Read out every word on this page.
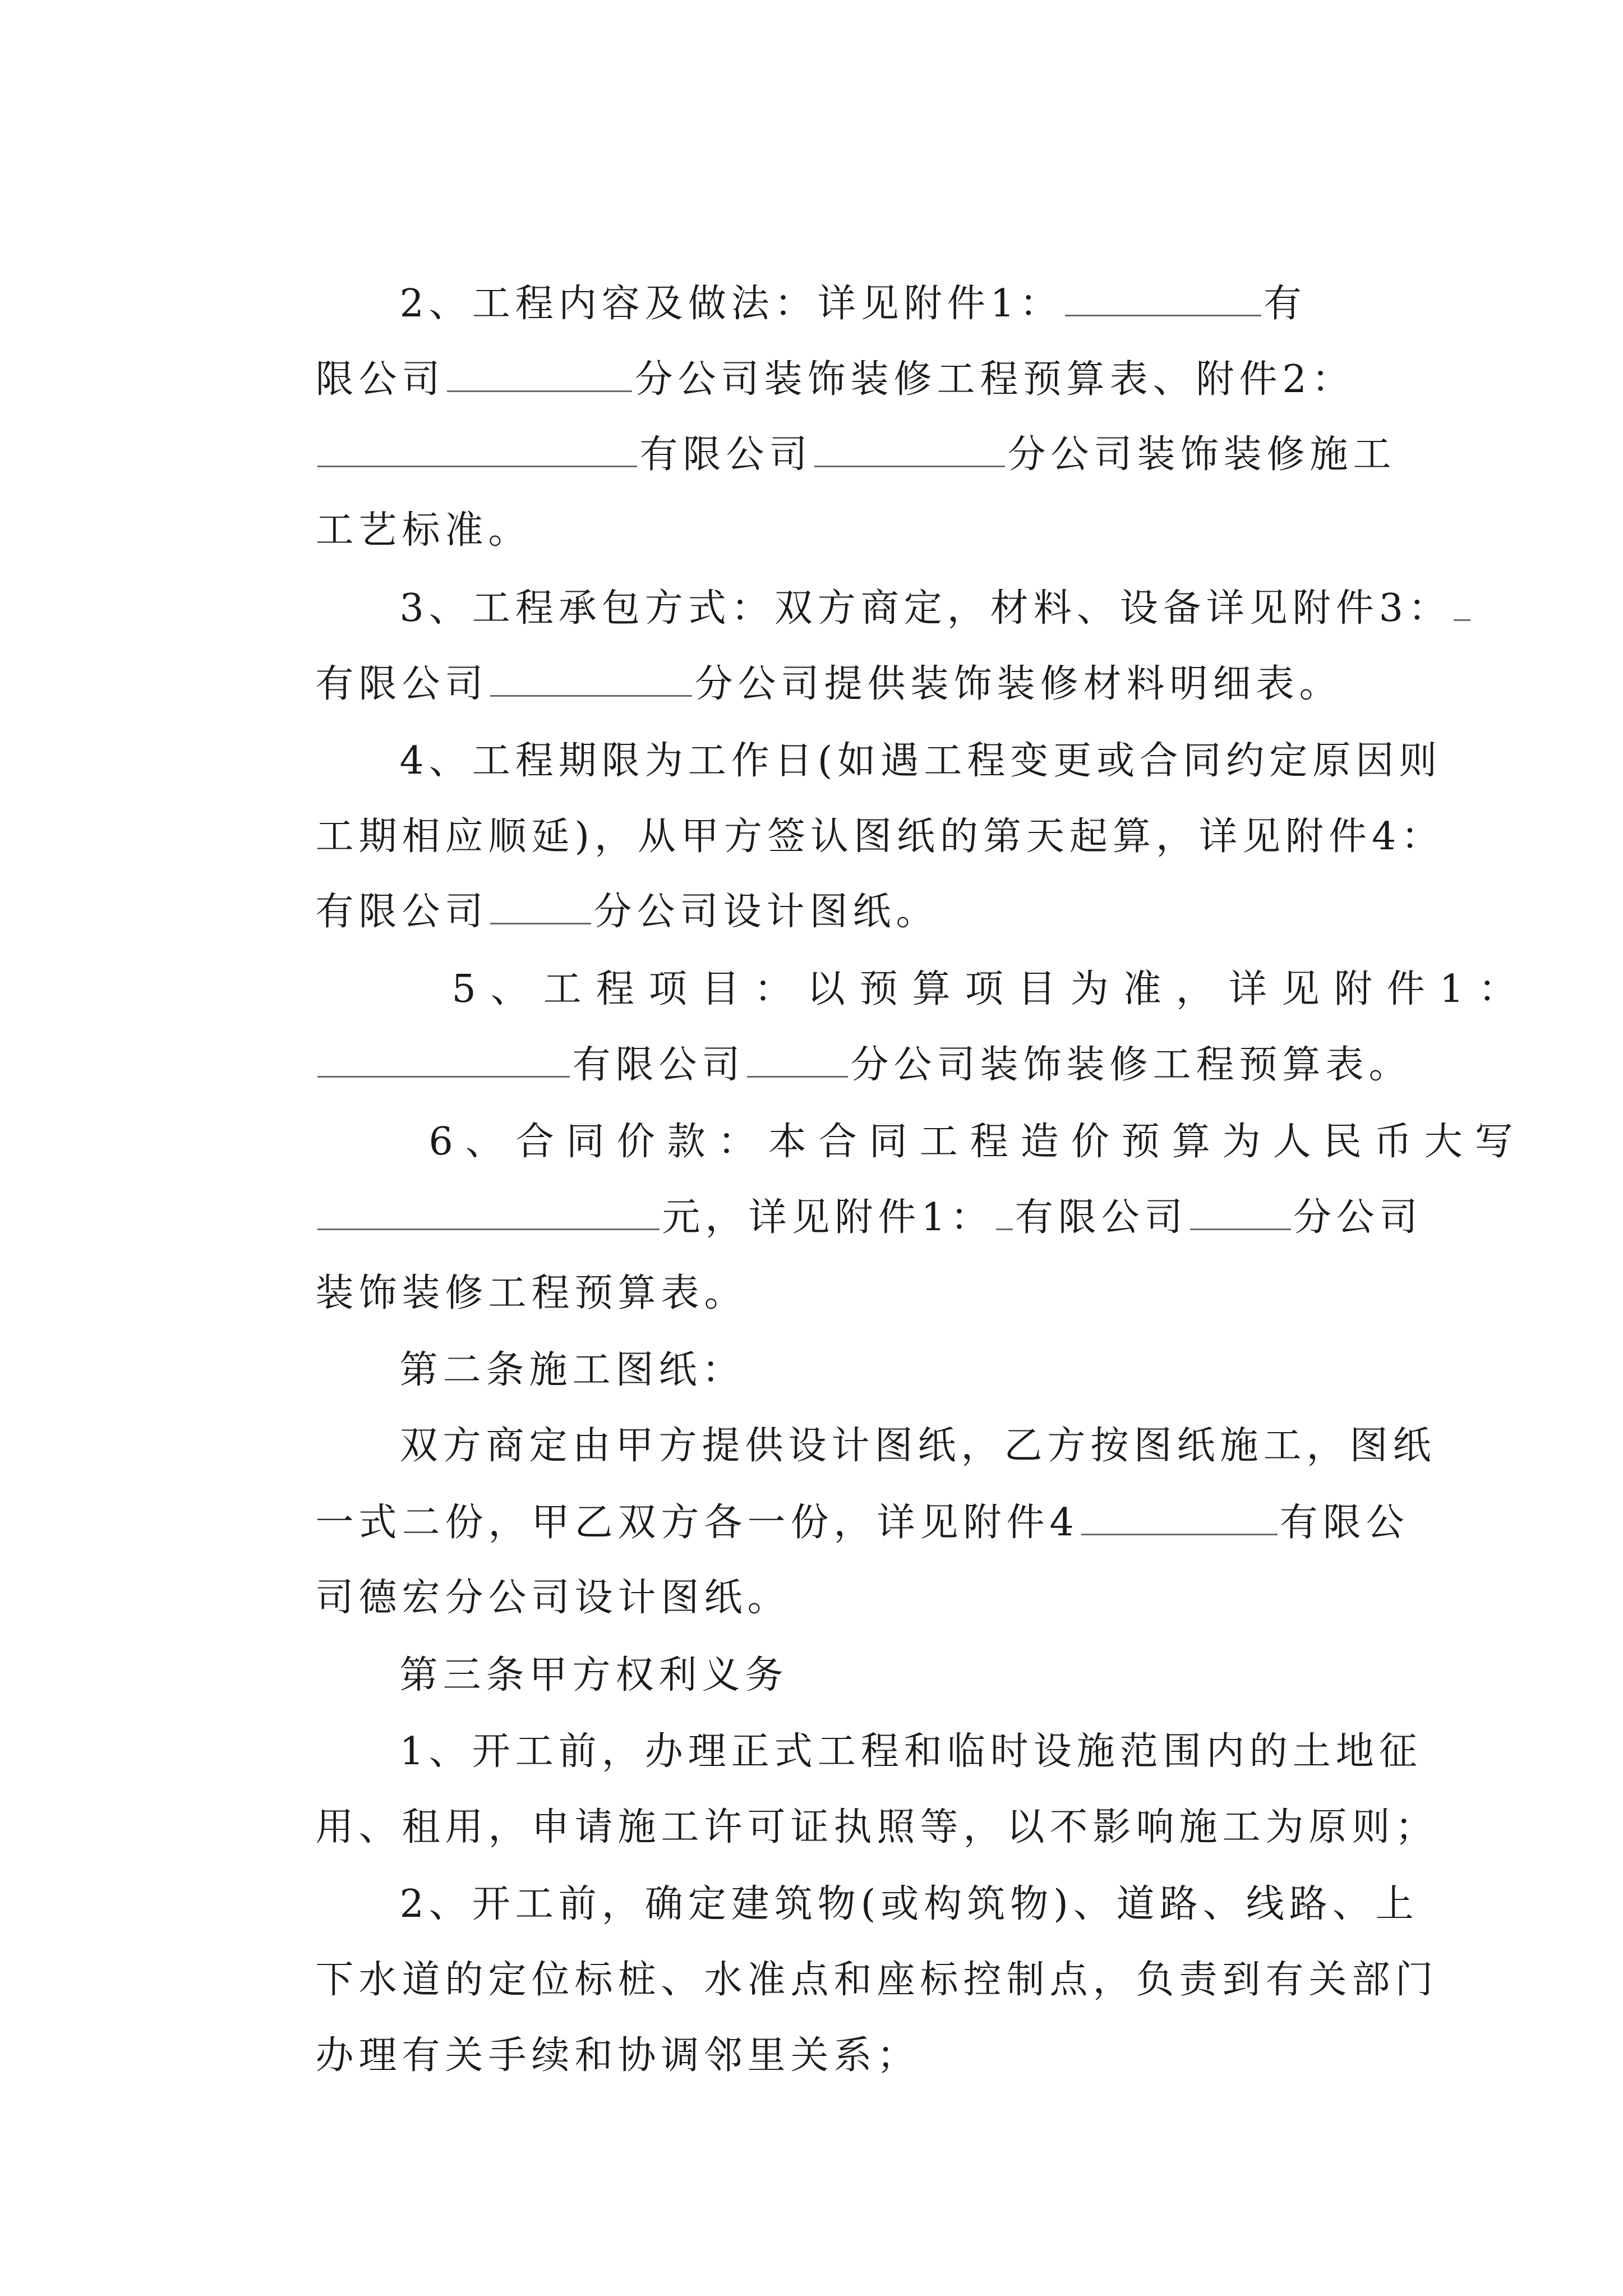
2、工程内容及做法：详见附件1：	有

限公司	分公司装饰装修工程预算表、附件2：

有限公司	分公司装饰装修施工

工艺标准。

3、工程承包方式：双方商定，材料、设备详见附件3：

有限公司	分公司提供装饰装修材料明细表。

4、工程期限为工作日(如遇工程变更或合同约定原因则

工期相应顺延)，从甲方签认图纸的第天起算，详见附件4：

有限公司	分公司设计图纸。

5、工程项目：以预算项目为准，详见附件1：

有限公司	分公司装饰装修工程预算表。

6、合同价款：本合同工程造价预算为人民币大写

元，详见附件1： 有限公司	分公司

装饰装修工程预算表。

第二条施工图纸：

双方商定由甲方提供设计图纸，乙方按图纸施工，图纸

一式二份，甲乙双方各一份，详见附件4	有限公

司德宏分公司设计图纸。

第三条甲方权利义务

1、开工前，办理正式工程和临时设施范围内的土地征

用、租用，申请施工许可证执照等，以不影响施工为原则；

2、开工前，确定建筑物(或构筑物)、道路、线路、上

下水道的定位标桩、水准点和座标控制点，负责到有关部门

办理有关手续和协调邻里关系；
